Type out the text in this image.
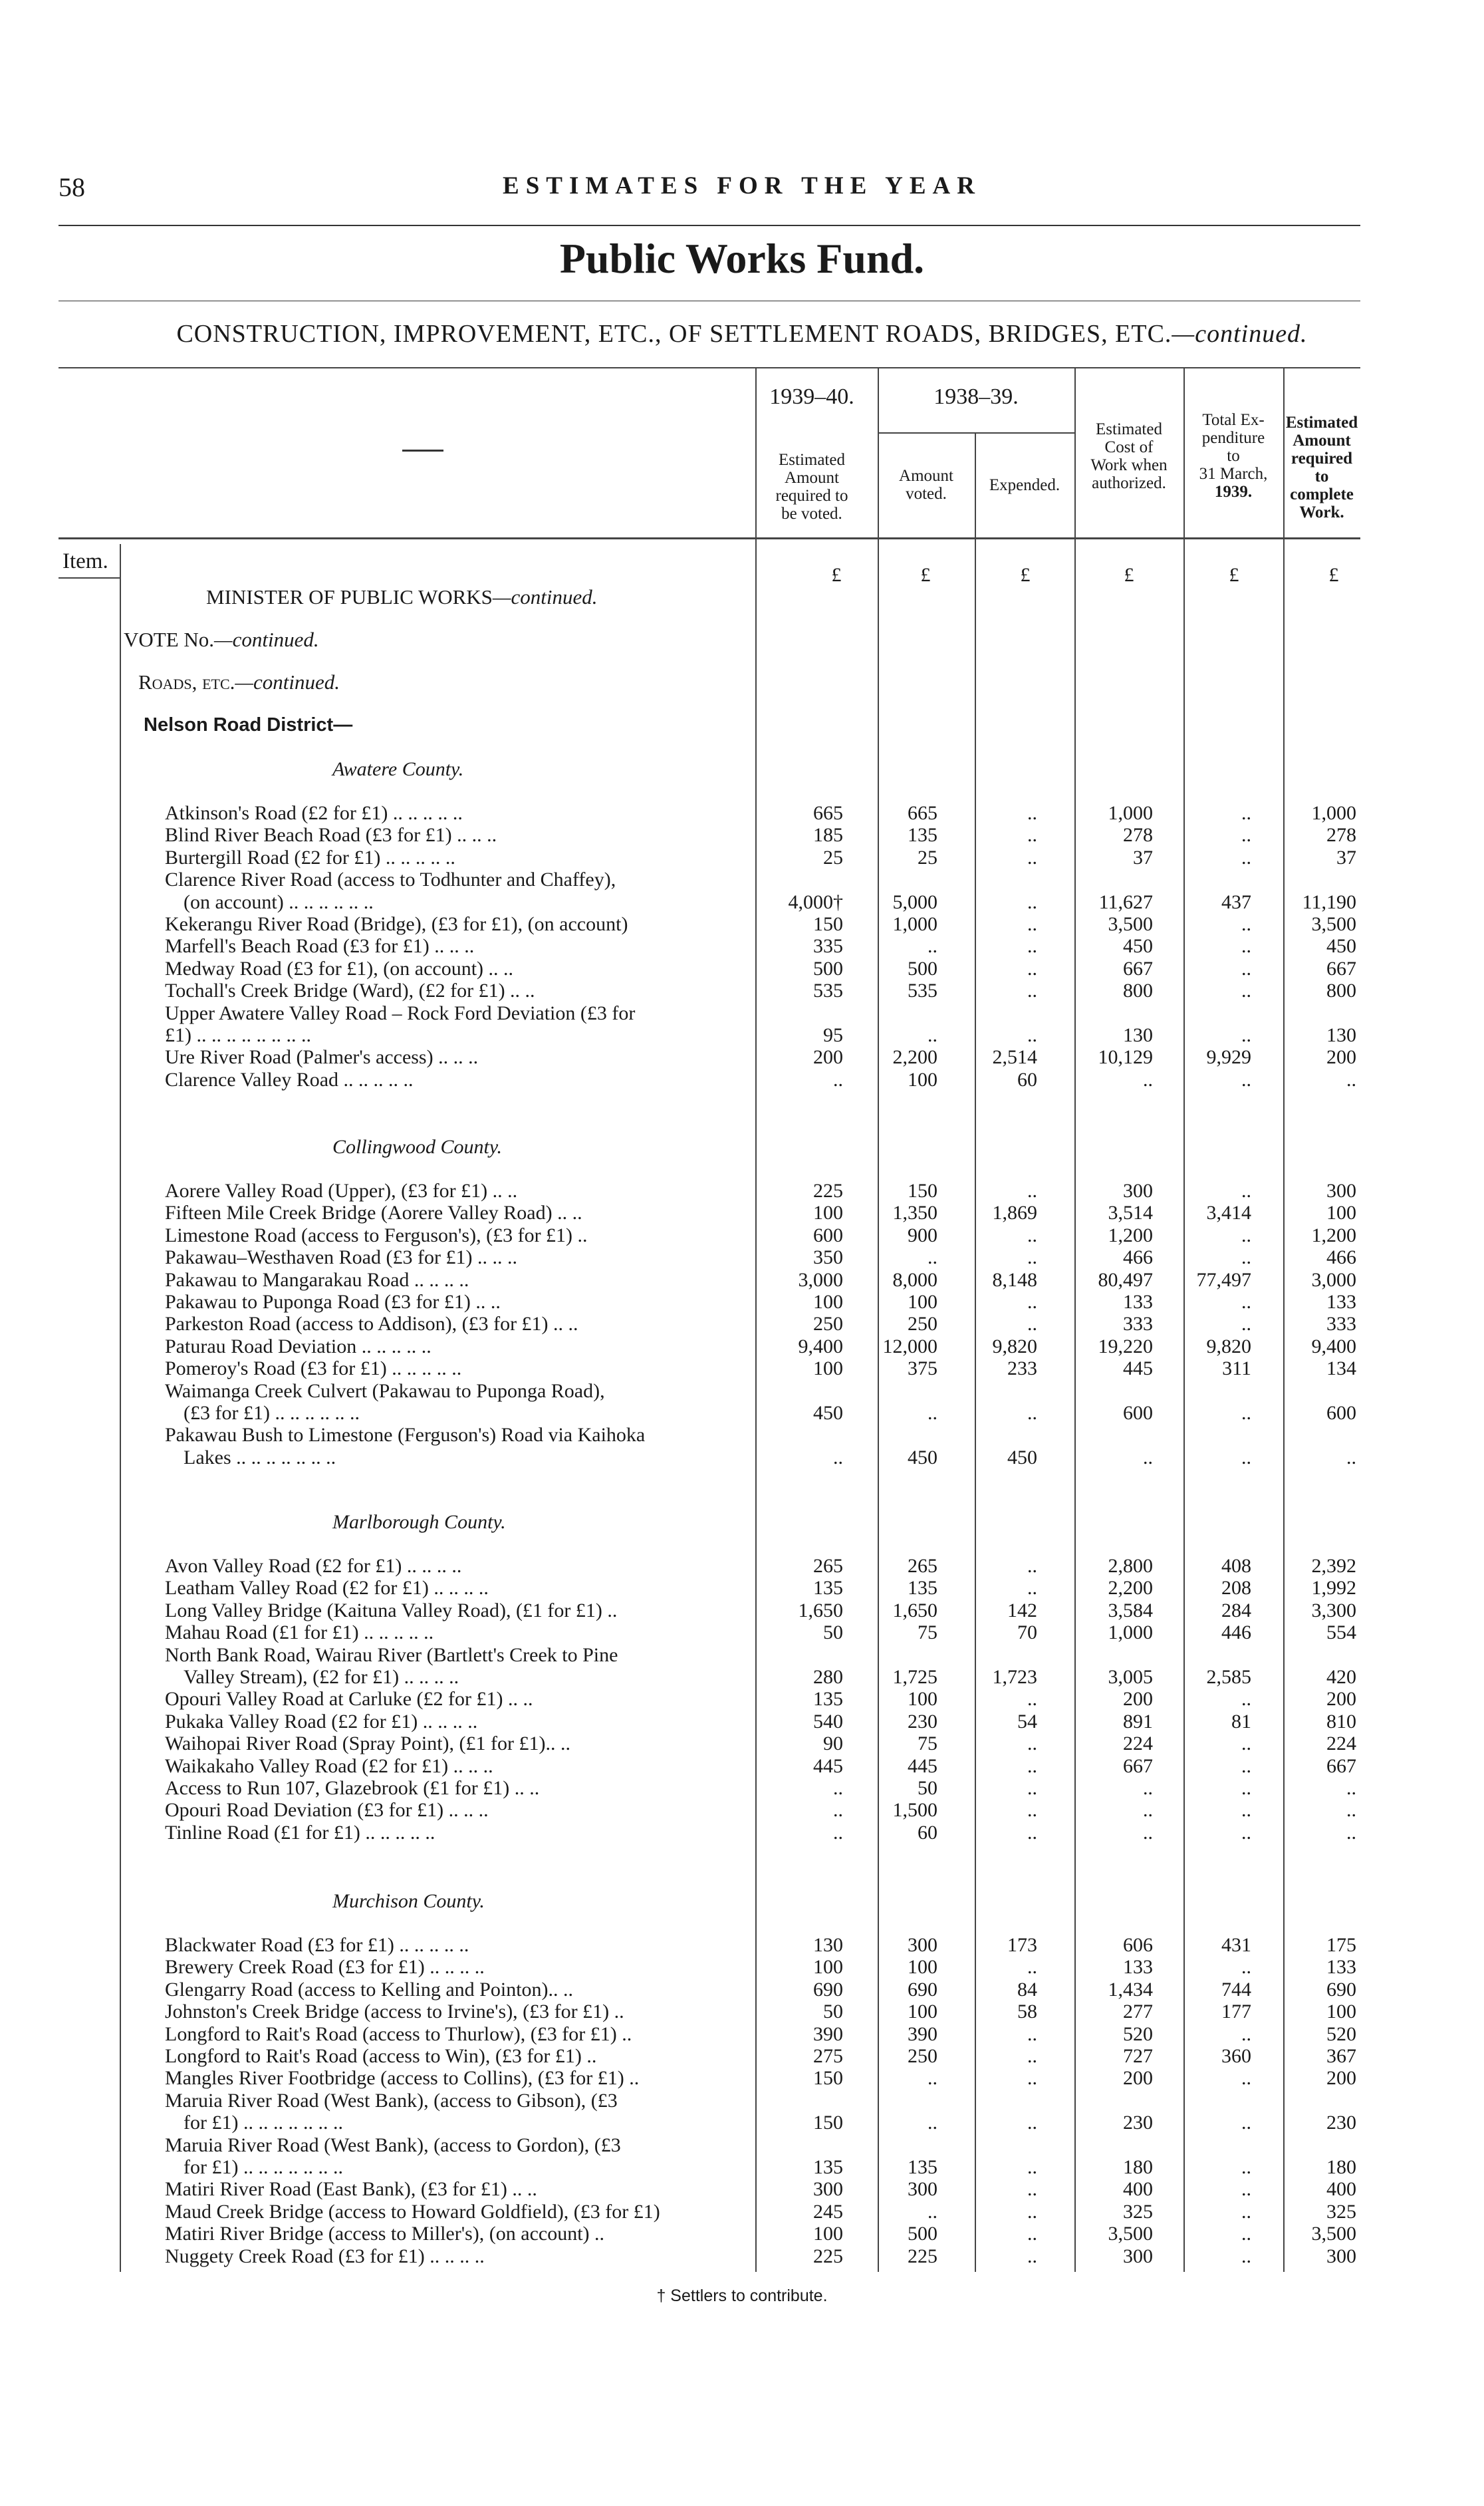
58	ESTIMATES FOR THE YEAR
Public Works Fund.
CONSTRUCTION, IMPROVEMENT, ETC., OF SETTLEMENT ROADS, BRIDGES, ETC.—continued.
1939–40.	1938–39.
Estimated
Amount
required to
be voted.
Amount
voted.	Expended.
Estimated
Cost of
Work when
authorized.
Total Ex-
penditure
to
31 March,
1939.
Estimated
Amount
required to
complete
Work.
Item.
£	£	£	£	£	£
MINISTER OF PUBLIC WORKS—continued.
VOTE No.—continued.
Roads, etc.—continued.
Nelson Road District—
Awatere County.
Atkinson's Road (£2 for £1) .. .. .. .. ..	665	665	..	1,000	..	1,000
Blind River Beach Road (£3 for £1) .. .. ..	185	135	..	278	..	278
Burtergill Road (£2 for £1) .. .. .. .. ..	25	25	..	37	..	37
Clarence River Road (access to Todhunter and Chaffey),
(on account) .. .. .. .. .. ..	4,000†	5,000	..	11,627	437	11,190
Kekerangu River Road (Bridge), (£3 for £1), (on account)	150	1,000	..	3,500	..	3,500
Marfell's Beach Road (£3 for £1) .. .. ..	335	..	..	450	..	450
Medway Road (£3 for £1), (on account) .. ..	500	500	..	667	..	667
Tochall's Creek Bridge (Ward), (£2 for £1) .. ..	535	535	..	800	..	800
Upper Awatere Valley Road – Rock Ford Deviation (£3 for
£1) .. .. .. .. .. .. .. ..	95	..	..	130	..	130
Ure River Road (Palmer's access) .. .. ..	200	2,200	2,514	10,129	9,929	200
Clarence Valley Road .. .. .. .. ..	..	100	60	..	..	..
Collingwood County.
Aorere Valley Road (Upper), (£3 for £1) .. ..	225	150	..	300	..	300
Fifteen Mile Creek Bridge (Aorere Valley Road) .. ..	100	1,350	1,869	3,514	3,414	100
Limestone Road (access to Ferguson's), (£3 for £1) ..	600	900	..	1,200	..	1,200
Pakawau–Westhaven Road (£3 for £1) .. .. ..	350	..	..	466	..	466
Pakawau to Mangarakau Road .. .. .. ..	3,000	8,000	8,148	80,497	77,497	3,000
Pakawau to Puponga Road (£3 for £1) .. ..	100	100	..	133	..	133
Parkeston Road (access to Addison), (£3 for £1) .. ..	250	250	..	333	..	333
Paturau Road Deviation .. .. .. .. ..	9,400	12,000	9,820	19,220	9,820	9,400
Pomeroy's Road (£3 for £1) .. .. .. .. ..	100	375	233	445	311	134
Waimanga Creek Culvert (Pakawau to Puponga Road),
(£3 for £1) .. .. .. .. .. ..	450	..	..	600	..	600
Pakawau Bush to Limestone (Ferguson's) Road via Kaihoka
Lakes .. .. .. .. .. .. ..	..	450	450	..	..	..
Marlborough County.
Avon Valley Road (£2 for £1) .. .. .. ..	265	265	..	2,800	408	2,392
Leatham Valley Road (£2 for £1) .. .. .. ..	135	135	..	2,200	208	1,992
Long Valley Bridge (Kaituna Valley Road), (£1 for £1) ..	1,650	1,650	142	3,584	284	3,300
Mahau Road (£1 for £1) .. .. .. .. ..	50	75	70	1,000	446	554
North Bank Road, Wairau River (Bartlett's Creek to Pine
Valley Stream), (£2 for £1) .. .. .. ..	280	1,725	1,723	3,005	2,585	420
Opouri Valley Road at Carluke (£2 for £1) .. ..	135	100	..	200	..	200
Pukaka Valley Road (£2 for £1) .. .. .. ..	540	230	54	891	81	810
Waihopai River Road (Spray Point), (£1 for £1).. ..	90	75	..	224	..	224
Waikakaho Valley Road (£2 for £1) .. .. ..	445	445	..	667	..	667
Access to Run 107, Glazebrook (£1 for £1) .. ..	..	50	..	..	..	..
Opouri Road Deviation (£3 for £1) .. .. ..	..	1,500	..	..	..	..
Tinline Road (£1 for £1) .. .. .. .. ..	..	60	..	..	..	..
Murchison County.
Blackwater Road (£3 for £1) .. .. .. .. ..	130	300	173	606	431	175
Brewery Creek Road (£3 for £1) .. .. .. ..	100	100	..	133	..	133
Glengarry Road (access to Kelling and Pointon).. ..	690	690	84	1,434	744	690
Johnston's Creek Bridge (access to Irvine's), (£3 for £1) ..	50	100	58	277	177	100
Longford to Rait's Road (access to Thurlow), (£3 for £1) ..	390	390	..	520	..	520
Longford to Rait's Road (access to Win), (£3 for £1) ..	275	250	..	727	360	367
Mangles River Footbridge (access to Collins), (£3 for £1) ..	150	..	..	200	..	200
Maruia River Road (West Bank), (access to Gibson), (£3
for £1) .. .. .. .. .. .. ..	150	..	..	230	..	230
Maruia River Road (West Bank), (access to Gordon), (£3
for £1) .. .. .. .. .. .. ..	135	135	..	180	..	180
Matiri River Road (East Bank), (£3 for £1) .. ..	300	300	..	400	..	400
Maud Creek Bridge (access to Howard Goldfield), (£3 for £1)	245	..	..	325	..	325
Matiri River Bridge (access to Miller's), (on account) ..	100	500	..	3,500	..	3,500
Nuggety Creek Road (£3 for £1) .. .. .. ..	225	225	..	300	..	300
† Settlers to contribute.
